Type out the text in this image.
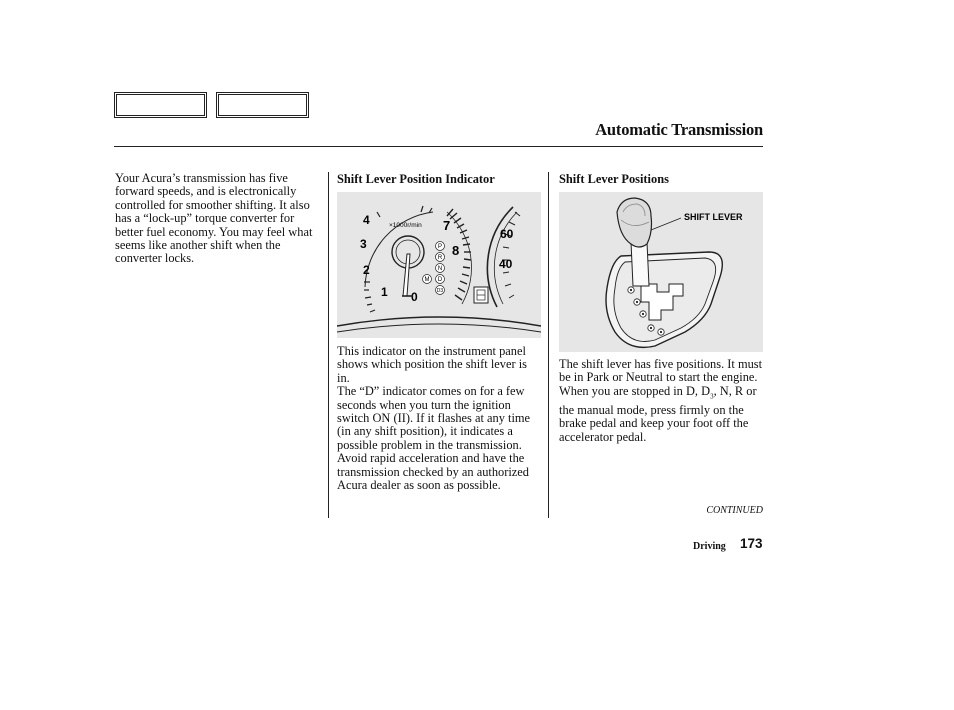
Automatic Transmission

Your Acura’s transmission has five forward speeds, and is electronically controlled for smoother shifting. It also has a “lock-up” torque converter for better fuel economy. You may feel what seems like another shift when the converter locks.

Shift Lever Position Indicator
4
3
2
1 0
7
8
×1000r/min
P
R
N
D
M
D3
60
40

This indicator on the instrument panel shows which position the shift lever is in.

The “D” indicator comes on for a few seconds when you turn the ignition switch ON (II). If it flashes at any time (in any shift position), it indicates a possible problem in the transmission. Avoid rapid acceleration and have the transmission checked by an authorized Acura dealer as soon as possible.

Shift Lever Positions
SHIFT LEVER

The shift lever has five positions. It must be in Park or Neutral to start the engine. When you are stopped in D, $D_3$, N, R or the manual mode, press firmly on the brake pedal and keep your foot off the accelerator pedal.

CONTINUED
Driving 173
